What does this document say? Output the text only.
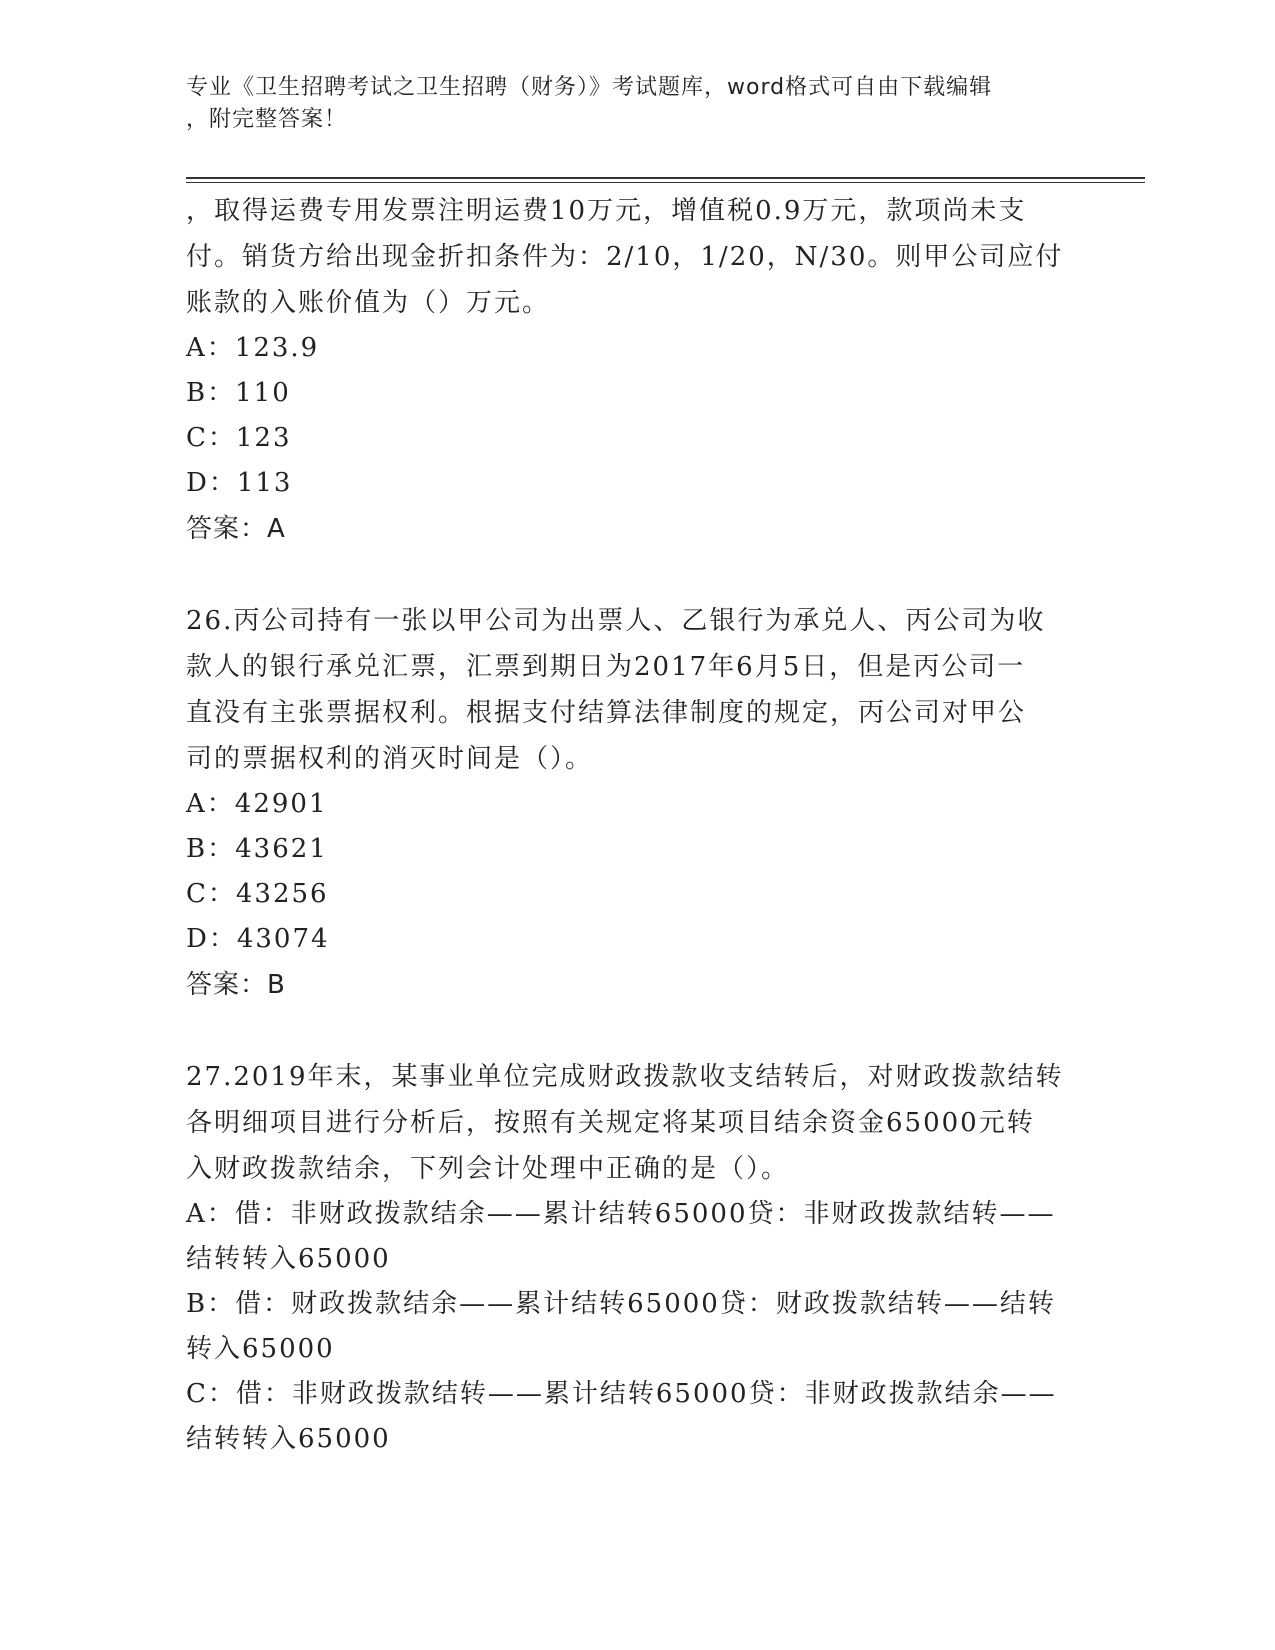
专业《卫生招聘考试之卫生招聘（财务）》考试题库，word格式可自由下载编辑
，附完整答案！

，取得运费专用发票注明运费10万元，增值税0.9万元，款项尚未支

付。销货方给出现金折扣条件为：2/10，1/20，N/30。则甲公司应付

账款的入账价值为（）万元。

A：123.9

B：110

C：123

D：113

答案：A

26.丙公司持有一张以甲公司为出票人、乙银行为承兑人、丙公司为收

款人的银行承兑汇票，汇票到期日为2017年6月5日，但是丙公司一

直没有主张票据权利。根据支付结算法律制度的规定，丙公司对甲公

司的票据权利的消灭时间是（）。

A：42901

B：43621

C：43256

D：43074

答案：B

27.2019年末，某事业单位完成财政拨款收支结转后，对财政拨款结转

各明细项目进行分析后，按照有关规定将某项目结余资金65000元转

入财政拨款结余，下列会计处理中正确的是（）。

A：借：非财政拨款结余——累计结转65000贷：非财政拨款结转——

结转转入65000

B：借：财政拨款结余——累计结转65000贷：财政拨款结转——结转

转入65000

C：借：非财政拨款结转——累计结转65000贷：非财政拨款结余——

结转转入65000
